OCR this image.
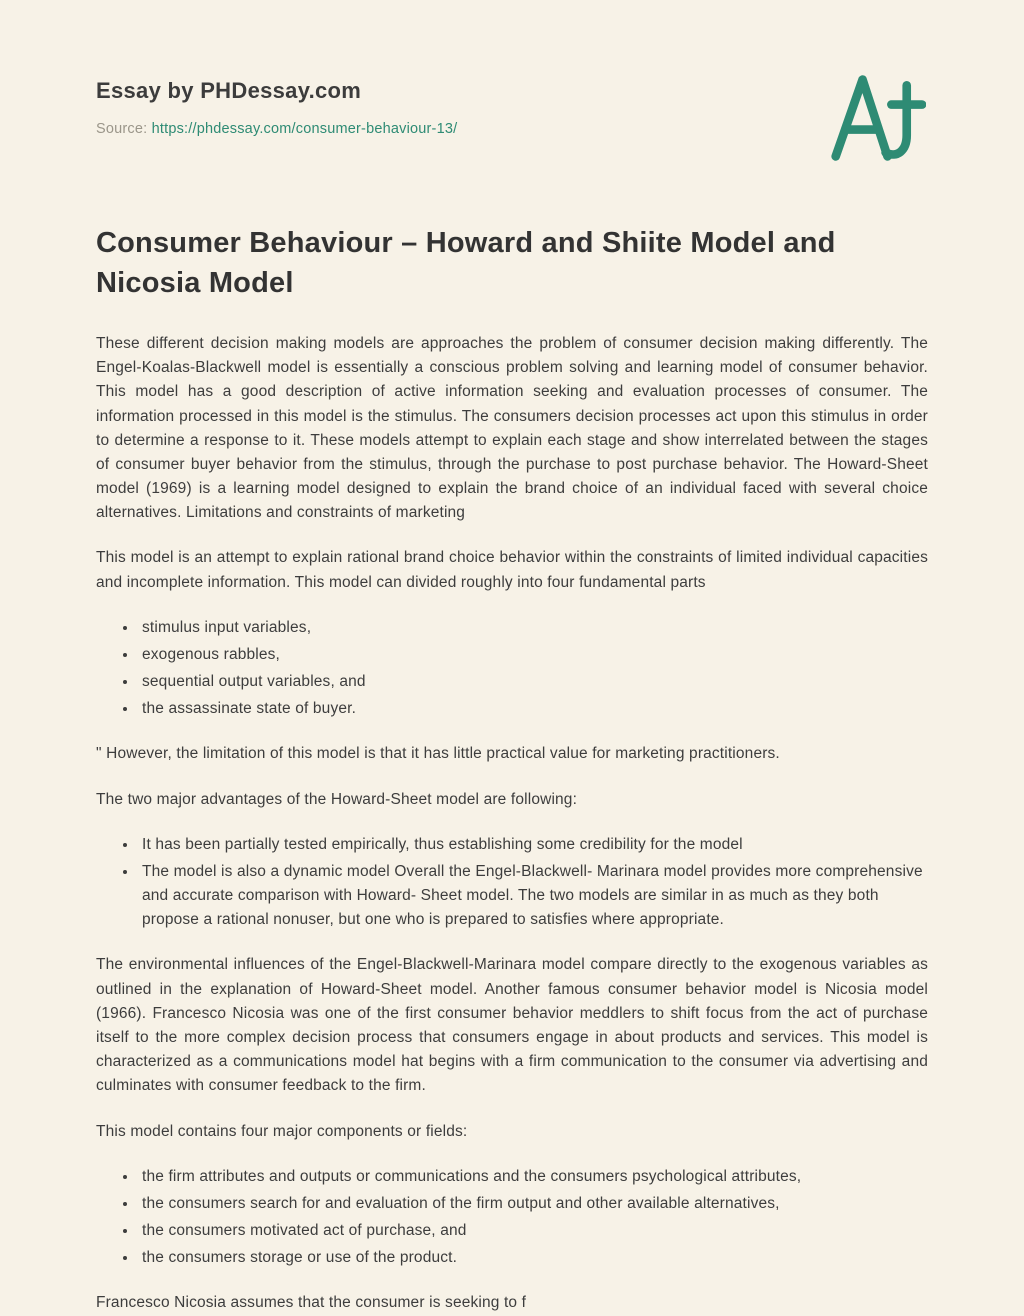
Essay by PHDessay.com
Source: https://phdessay.com/consumer-behaviour-13/
Consumer Behaviour – Howard and Shiite Model and Nicosia Model

These different decision making models are approaches the problem of consumer decision making differently. The Engel-Koalas-Blackwell model is essentially a conscious problem solving and learning model of consumer behavior. This model has a good description of active information seeking and evaluation processes of consumer. The information processed in this model is the stimulus. The consumers decision processes act upon this stimulus in order to determine a response to it. These models attempt to explain each stage and show interrelated between the stages of consumer buyer behavior from the stimulus, through the purchase to post purchase behavior. The Howard-Sheet model (1969) is a learning model designed to explain the brand choice of an individual faced with several choice alternatives. Limitations and constraints of marketing

This model is an attempt to explain rational brand choice behavior within the constraints of limited individual capacities and incomplete information. This model can divided roughly into four fundamental parts

• stimulus input variables,
• exogenous rabbles,
• sequential output variables, and
• the assassinate state of buyer.

" However, the limitation of this model is that it has little practical value for marketing practitioners.

The two major advantages of the Howard-Sheet model are following:

• It has been partially tested empirically, thus establishing some credibility for the model
• The model is also a dynamic model Overall the Engel-Blackwell- Marinara model provides more comprehensive and accurate comparison with Howard- Sheet model. The two models are similar in as much as they both propose a rational nonuser, but one who is prepared to satisfies where appropriate.

The environmental influences of the Engel-Blackwell-Marinara model compare directly to the exogenous variables as outlined in the explanation of Howard-Sheet model. Another famous consumer behavior model is Nicosia model (1966). Francesco Nicosia was one of the first consumer behavior meddlers to shift focus from the act of purchase itself to the more complex decision process that consumers engage in about products and services. This model is characterized as a communications model hat begins with a firm communication to the consumer via advertising and culminates with consumer feedback to the firm.

This model contains four major components or fields:

• the firm attributes and outputs or communications and the consumers psychological attributes,
• the consumers search for and evaluation of the firm output and other available alternatives,
• the consumers motivated act of purchase, and
• the consumers storage or use of the product.

Francesco Nicosia assumes that the consumer is seeking to f
